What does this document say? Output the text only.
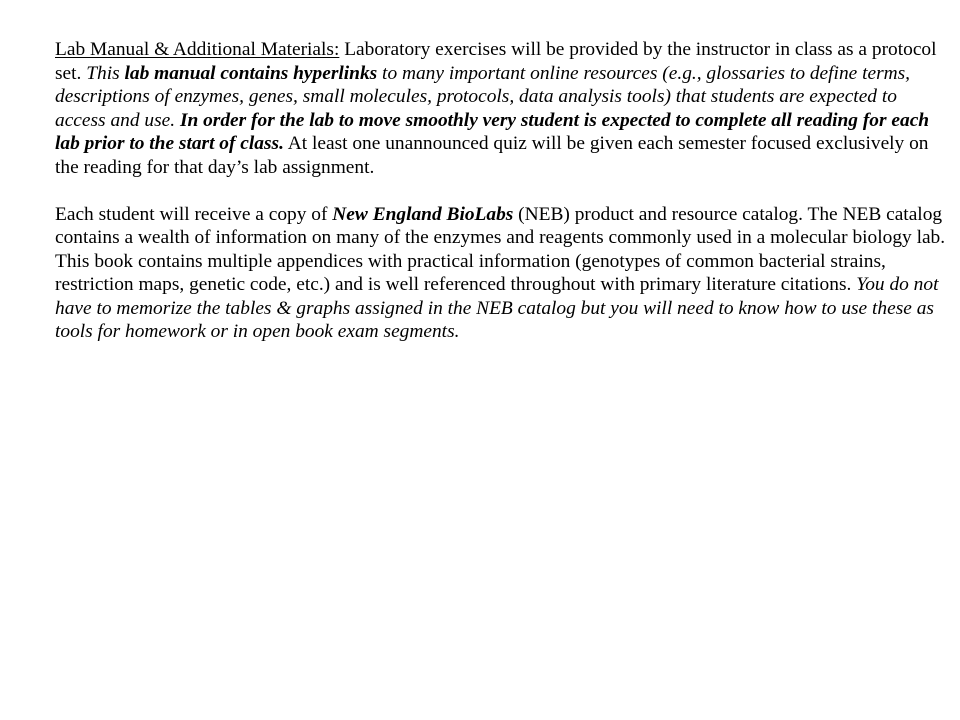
Lab Manual & Additional Materials: Laboratory exercises will be provided by the instructor in class as a protocol set. This lab manual contains hyperlinks to many important online resources (e.g., glossaries to define terms, descriptions of enzymes, genes, small molecules, protocols, data analysis tools) that students are expected to access and use. In order for the lab to move smoothly very student is expected to complete all reading for each lab prior to the start of class. At least one unannounced quiz will be given each semester focused exclusively on the reading for that day’s lab assignment.

Each student will receive a copy of New England BioLabs (NEB) product and resource catalog. The NEB catalog contains a wealth of information on many of the enzymes and reagents commonly used in a molecular biology lab. This book contains multiple appendices with practical information (genotypes of common bacterial strains, restriction maps, genetic code, etc.) and is well referenced throughout with primary literature citations. You do not have to memorize the tables & graphs assigned in the NEB catalog but you will need to know how to use these as tools for homework or in open book exam segments.
